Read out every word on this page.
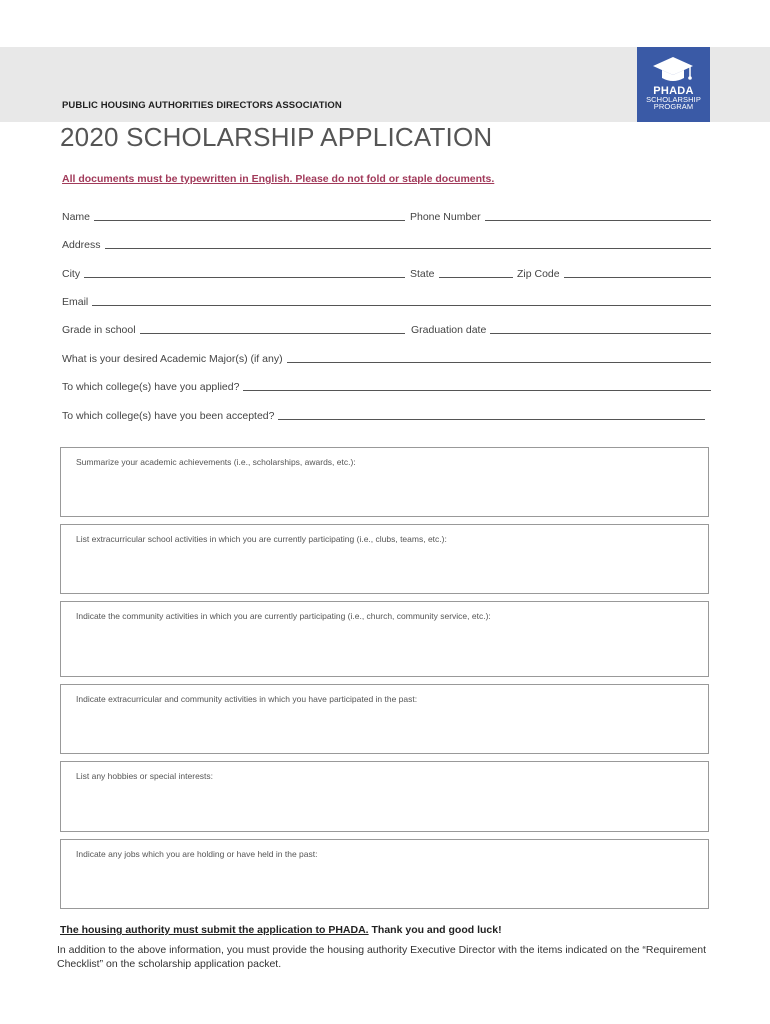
PUBLIC HOUSING AUTHORITIES DIRECTORS ASSOCIATION
PHADA
SCHOLARSHIP
PROGRAM
2020 SCHOLARSHIP APPLICATION
All documents must be typewritten in English. Please do not fold or staple documents.
Name	Phone Number
Address
City	State	Zip Code
Email
Grade in school	Graduation date
What is your desired Academic Major(s) (if any)
To which college(s) have you applied?
To which college(s) have you been accepted?
Summarize your academic achievements (i.e., scholarships, awards, etc.):
List extracurricular school activities in which you are currently participating (i.e., clubs, teams, etc.):
Indicate the community activities in which you are currently participating (i.e., church, community service, etc.):
Indicate extracurricular and community activities in which you have participated in the past:
List any hobbies or special interests:
Indicate any jobs which you are holding or have held in the past:
The housing authority must submit the application to PHADA. Thank you and good luck!
In addition to the above information, you must provide the housing authority Executive Director with the items indicated on the “Requirement Checklist” on the scholarship application packet.
